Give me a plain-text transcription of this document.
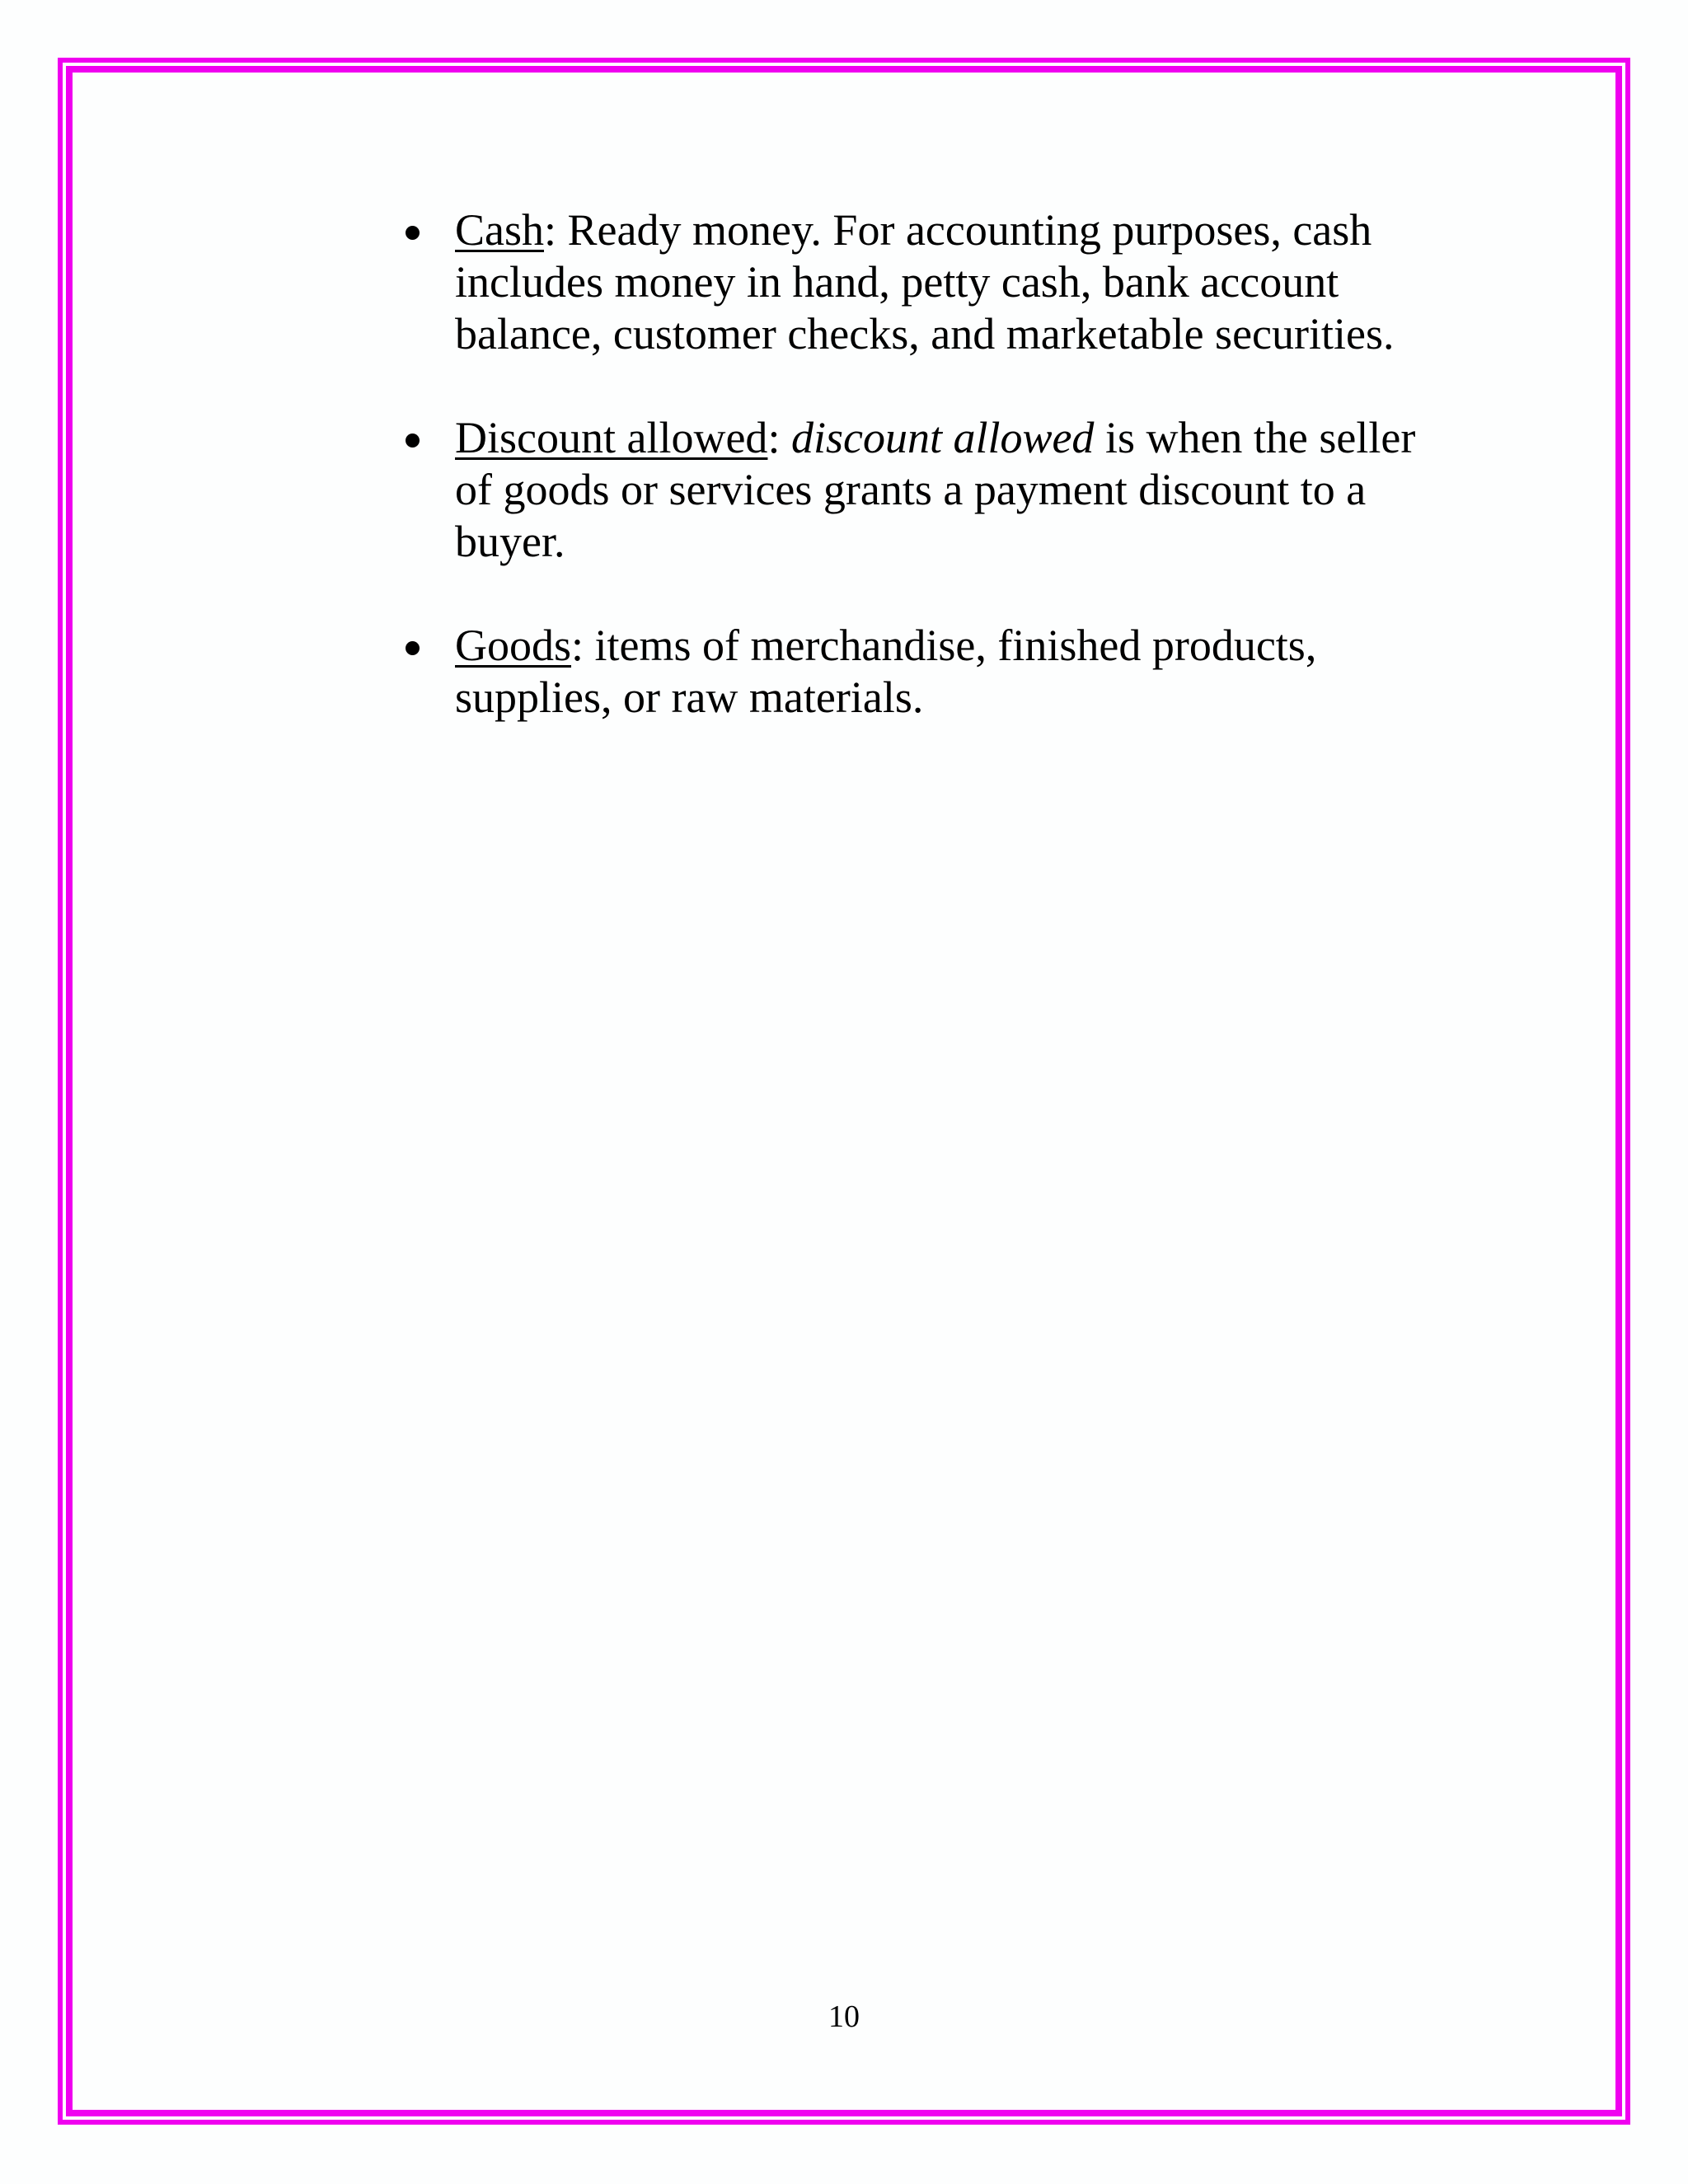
Cash: Ready money. For accounting purposes, cash includes money in hand, petty cash, bank account balance, customer checks, and marketable securities.
Discount allowed: discount allowed is when the seller of goods or services grants a payment discount to a buyer.
Goods: items of merchandise, finished products, supplies, or raw materials.
10
